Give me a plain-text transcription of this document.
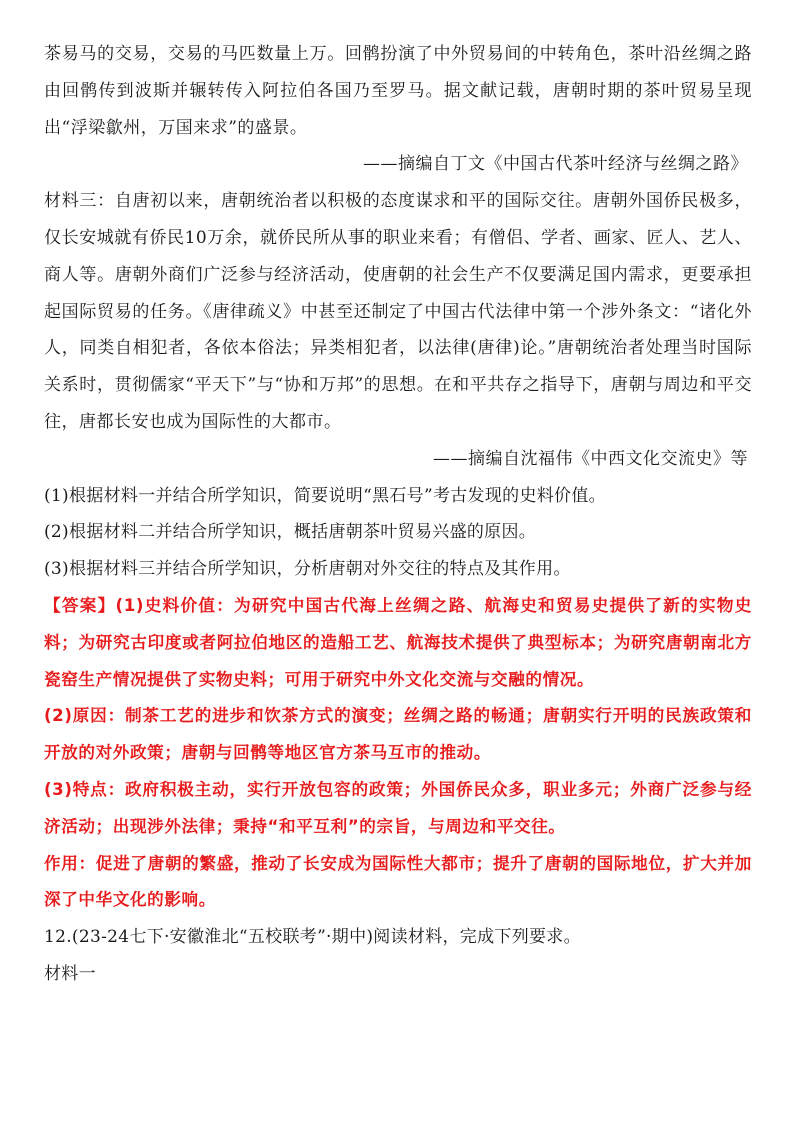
茶易马的交易，交易的马匹数量上万。回鹘扮演了中外贸易间的中转角色，茶叶沿丝绸之路由回鹘传到波斯并辗转传入阿拉伯各国乃至罗马。据文献记载，唐朝时期的茶叶贸易呈现出“浮梁歙州，万国来求”的盛景。

——摘编自丁文《中国古代茶叶经济与丝绸之路》

材料三：自唐初以来，唐朝统治者以积极的态度谋求和平的国际交往。唐朝外国侨民极多，仅长安城就有侨民10万余，就侨民所从事的职业来看；有僧侣、学者、画家、匠人、艺人、商人等。唐朝外商们广泛参与经济活动，使唐朝的社会生产不仅要满足国内需求，更要承担起国际贸易的任务。《唐律疏义》中甚至还制定了中国古代法律中第一个涉外条文：“诸化外人，同类自相犯者，各依本俗法；异类相犯者，以法律(唐律)论。”唐朝统治者处理当时国际关系时，贯彻儒家“平天下”与“协和万邦”的思想。在和平共存之指导下，唐朝与周边和平交往，唐都长安也成为国际性的大都市。

——摘编自沈福伟《中西文化交流史》等

(1)根据材料一并结合所学知识，简要说明“黑石号”考古发现的史料价值。

(2)根据材料二并结合所学知识，概括唐朝茶叶贸易兴盛的原因。

(3)根据材料三并结合所学知识，分析唐朝对外交往的特点及其作用。

【答案】(1)史料价值：为研究中国古代海上丝绸之路、航海史和贸易史提供了新的实物史料；为研究古印度或者阿拉伯地区的造船工艺、航海技术提供了典型标本；为研究唐朝南北方瓷窑生产情况提供了实物史料；可用于研究中外文化交流与交融的情况。

(2)原因：制茶工艺的进步和饮茶方式的演变；丝绸之路的畅通；唐朝实行开明的民族政策和开放的对外政策；唐朝与回鹘等地区官方茶马互市的推动。

(3)特点：政府积极主动，实行开放包容的政策；外国侨民众多，职业多元；外商广泛参与经济活动；出现涉外法律；秉持“和平互利”的宗旨，与周边和平交往。

作用：促进了唐朝的繁盛，推动了长安成为国际性大都市；提升了唐朝的国际地位，扩大并加深了中华文化的影响。

12.(23-24七下·安徽淮北“五校联考”·期中)阅读材料，完成下列要求。

材料一
